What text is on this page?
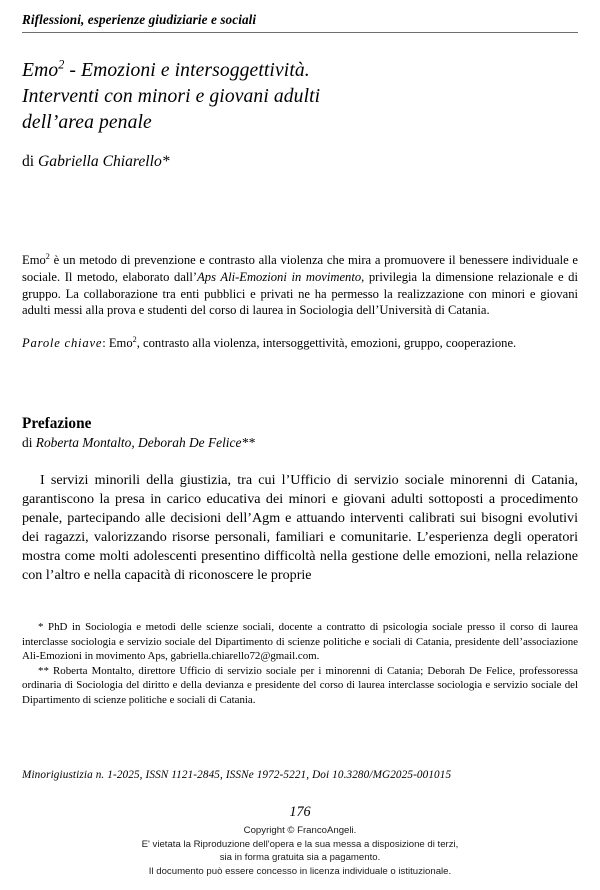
Riflessioni, esperienze giudiziarie e sociali
Emo$^2$ - Emozioni e intersoggettività.
Interventi con minori e giovani adulti
dell’area penale
di Gabriella Chiarello*

Emo$^2$ è un metodo di prevenzione e contrasto alla violenza che mira a promuovere il benessere individuale e sociale. Il metodo, elaborato dall’Aps Ali-Emozioni in movimento, privilegia la dimensione relazionale e di gruppo. La collaborazione tra enti pubblici e privati ne ha permesso la realizzazione con minori e giovani adulti messi alla prova e studenti del corso di laurea in Sociologia dell’Università di Catania.

Parole chiave: Emo$^2$, contrasto alla violenza, intersoggettività, emozioni, gruppo, cooperazione.

Prefazione

di Roberta Montalto, Deborah De Felice**

I servizi minorili della giustizia, tra cui l’Ufficio di servizio sociale minorenni di Catania, garantiscono la presa in carico educativa dei minori e giovani adulti sottoposti a procedimento penale, partecipando alle decisioni dell’Agm e attuando interventi calibrati sui bisogni evolutivi dei ragazzi, valorizzando risorse personali, familiari e comunitarie. L’esperienza degli operatori mostra come molti adolescenti presentino difficoltà nella gestione delle emozioni, nella relazione con l’altro e nella capacità di riconoscere le proprie

* PhD in Sociologia e metodi delle scienze sociali, docente a contratto di psicologia sociale presso il corso di laurea interclasse sociologia e servizio sociale del Dipartimento di scienze politiche e sociali di Catania, presidente dell’associazione Ali-Emozioni in movimento Aps, gabriella.chiarello72@gmail.com.

** Roberta Montalto, direttore Ufficio di servizio sociale per i minorenni di Catania; Deborah De Felice, professoressa ordinaria di Sociologia del diritto e della devianza e presidente del corso di laurea interclasse sociologia e servizio sociale del Dipartimento di scienze politiche e sociali di Catania.

Minorigiustizia n. 1-2025, ISSN 1121-2845, ISSNe 1972-5221, Doi 10.3280/MG2025-001015
176
Copyright © FrancoAngeli.
E' vietata la Riproduzione dell'opera e la sua messa a disposizione di terzi,
sia in forma gratuita sia a pagamento.
Il documento può essere concesso in licenza individuale o istituzionale.
